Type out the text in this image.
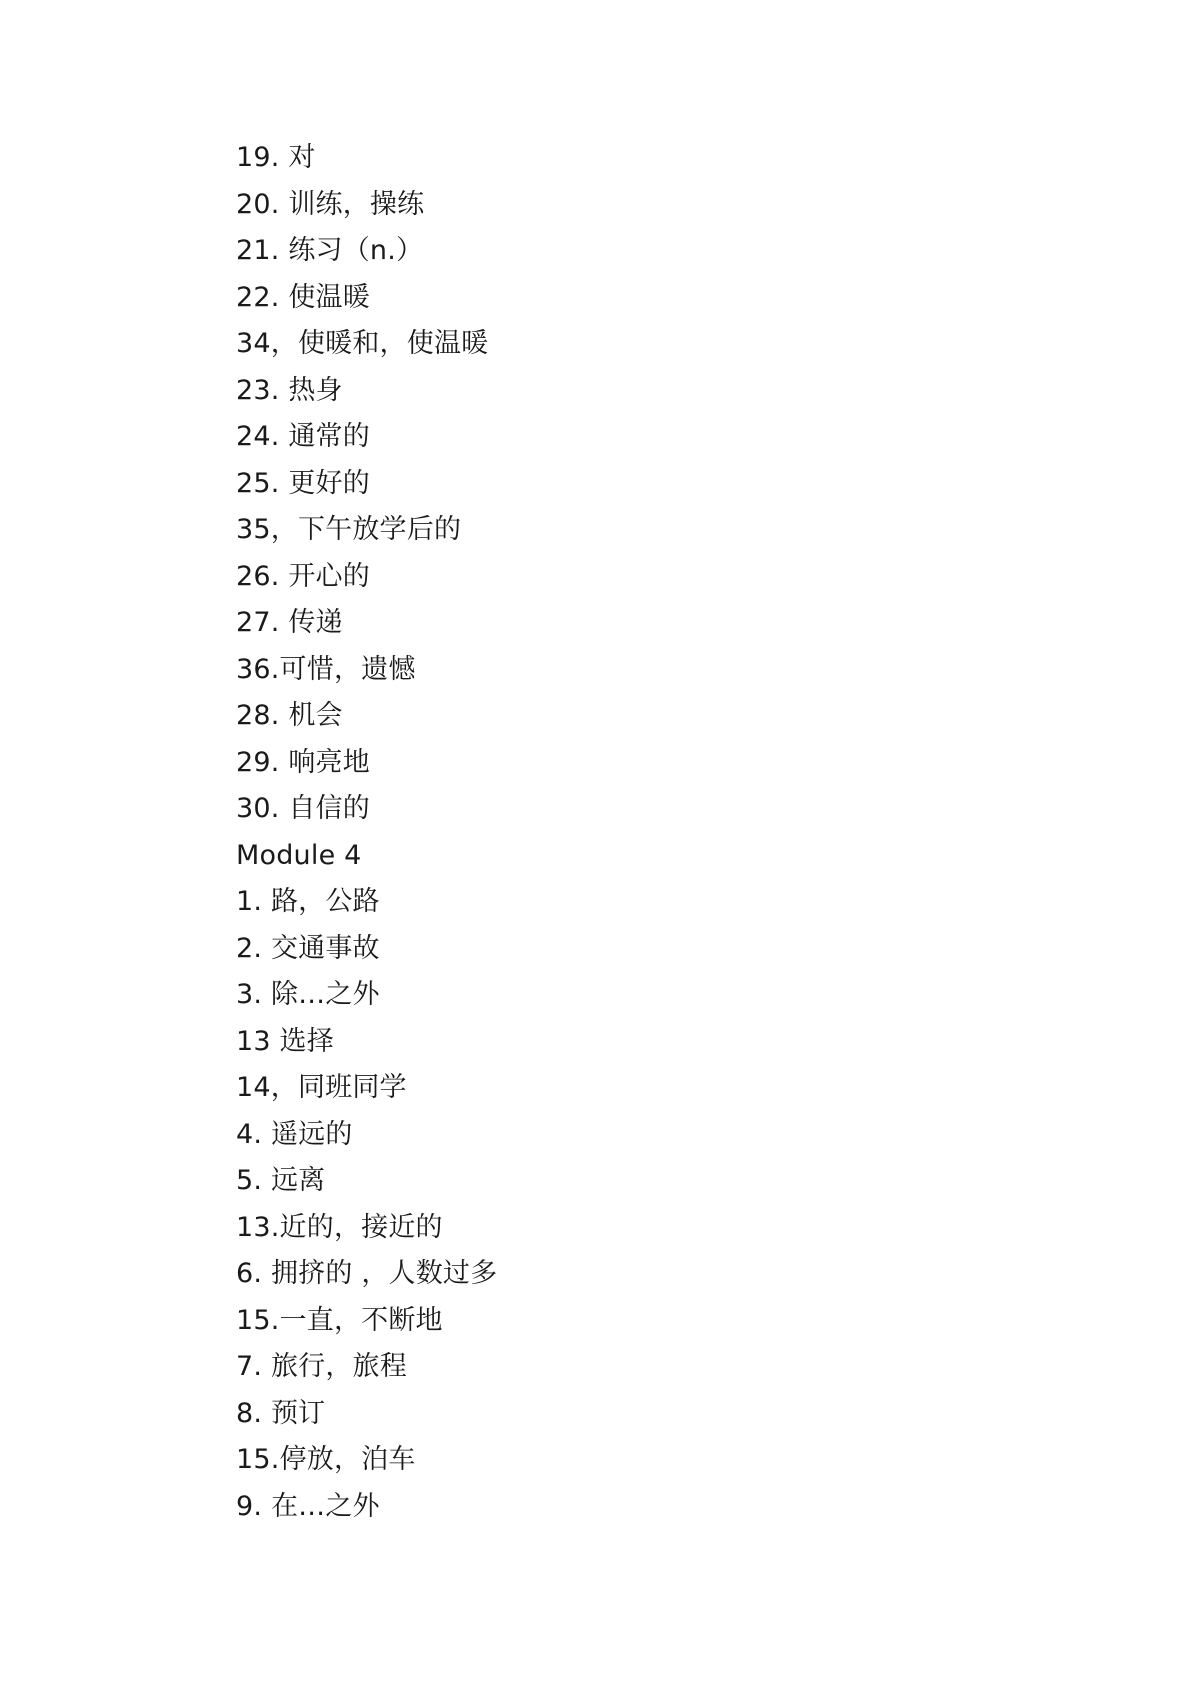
19. 对
20. 训练，操练
21. 练习（n.）
22. 使温暖
34，使暖和，使温暖
23. 热身
24. 通常的
25. 更好的
35，下午放学后的
26. 开心的
27. 传递
36.可惜，遗憾
28. 机会
29. 响亮地
30. 自信的
Module 4
1. 路，公路
2. 交通事故
3. 除…之外
13 选择
14，同班同学
4. 遥远的
5. 远离
13.近的，接近的
6. 拥挤的 ，人数过多
15.一直，不断地
7. 旅行，旅程
8. 预订
15.停放，泊车
9. 在…之外
